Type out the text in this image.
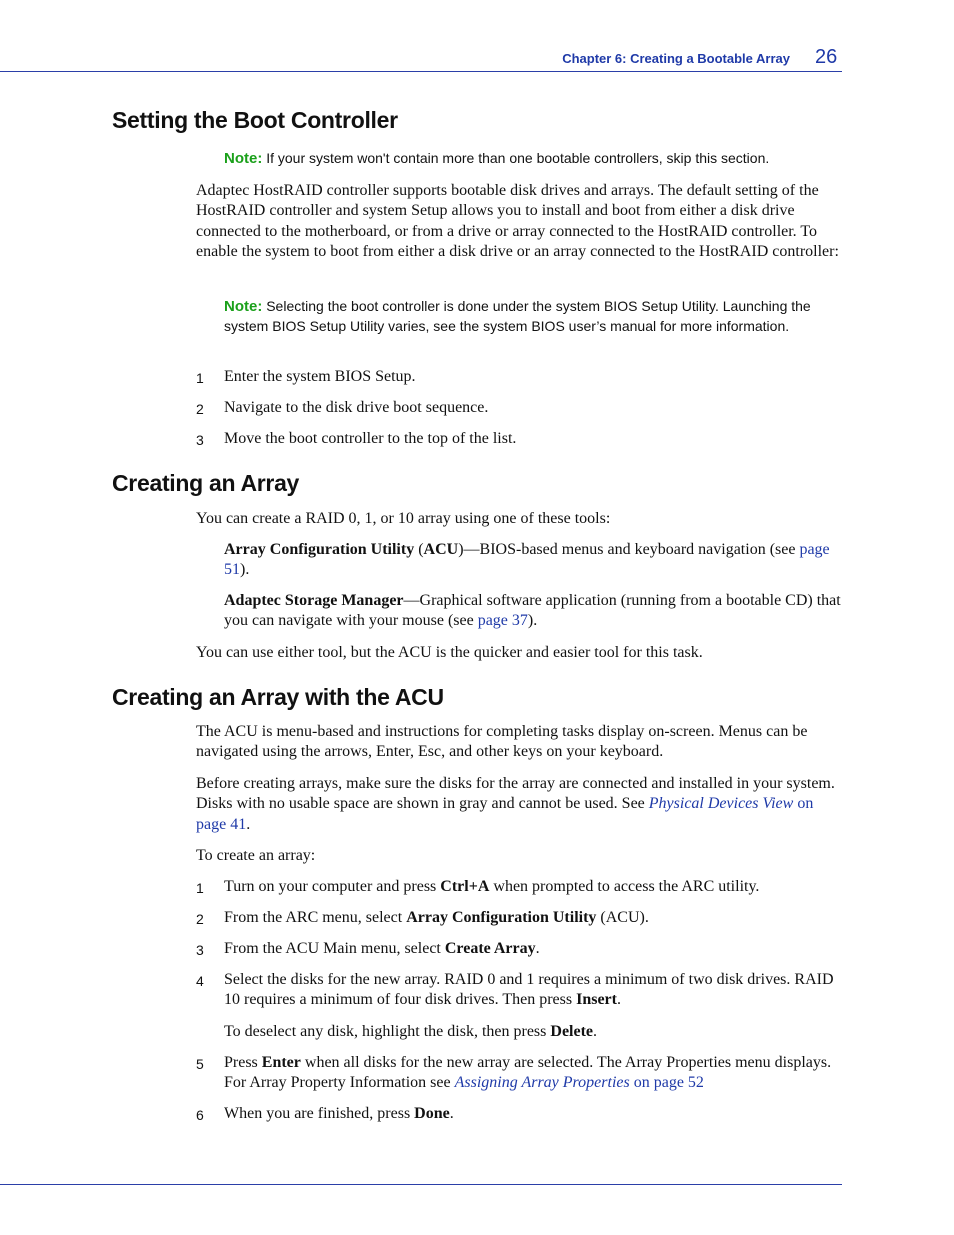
Chapter 6: Creating a Bootable Array 26
Setting the Boot Controller
Note: If your system won't contain more than one bootable controllers, skip this section.
Adaptec HostRAID controller supports bootable disk drives and arrays. The default setting of the HostRAID controller and system Setup allows you to install and boot from either a disk drive connected to the motherboard, or from a drive or array connected to the HostRAID controller. To enable the system to boot from either a disk drive or an array connected to the HostRAID controller:
Note: Selecting the boot controller is done under the system BIOS Setup Utility. Launching the system BIOS Setup Utility varies, see the system BIOS user’s manual for more information.
1 Enter the system BIOS Setup.
2 Navigate to the disk drive boot sequence.
3 Move the boot controller to the top of the list.
Creating an Array
You can create a RAID 0, 1, or 10 array using one of these tools:
Array Configuration Utility (ACU)—BIOS-based menus and keyboard navigation (see page 51).
Adaptec Storage Manager—Graphical software application (running from a bootable CD) that you can navigate with your mouse (see page 37).
You can use either tool, but the ACU is the quicker and easier tool for this task.
Creating an Array with the ACU
The ACU is menu-based and instructions for completing tasks display on-screen. Menus can be navigated using the arrows, Enter, Esc, and other keys on your keyboard.
Before creating arrays, make sure the disks for the array are connected and installed in your system. Disks with no usable space are shown in gray and cannot be used. See Physical Devices View on page 41.
To create an array:
1 Turn on your computer and press Ctrl+A when prompted to access the ARC utility.
2 From the ARC menu, select Array Configuration Utility (ACU).
3 From the ACU Main menu, select Create Array.
4 Select the disks for the new array. RAID 0 and 1 requires a minimum of two disk drives. RAID 10 requires a minimum of four disk drives. Then press Insert.
To deselect any disk, highlight the disk, then press Delete.
5 Press Enter when all disks for the new array are selected. The Array Properties menu displays. For Array Property Information see Assigning Array Properties on page 52
6 When you are finished, press Done.
